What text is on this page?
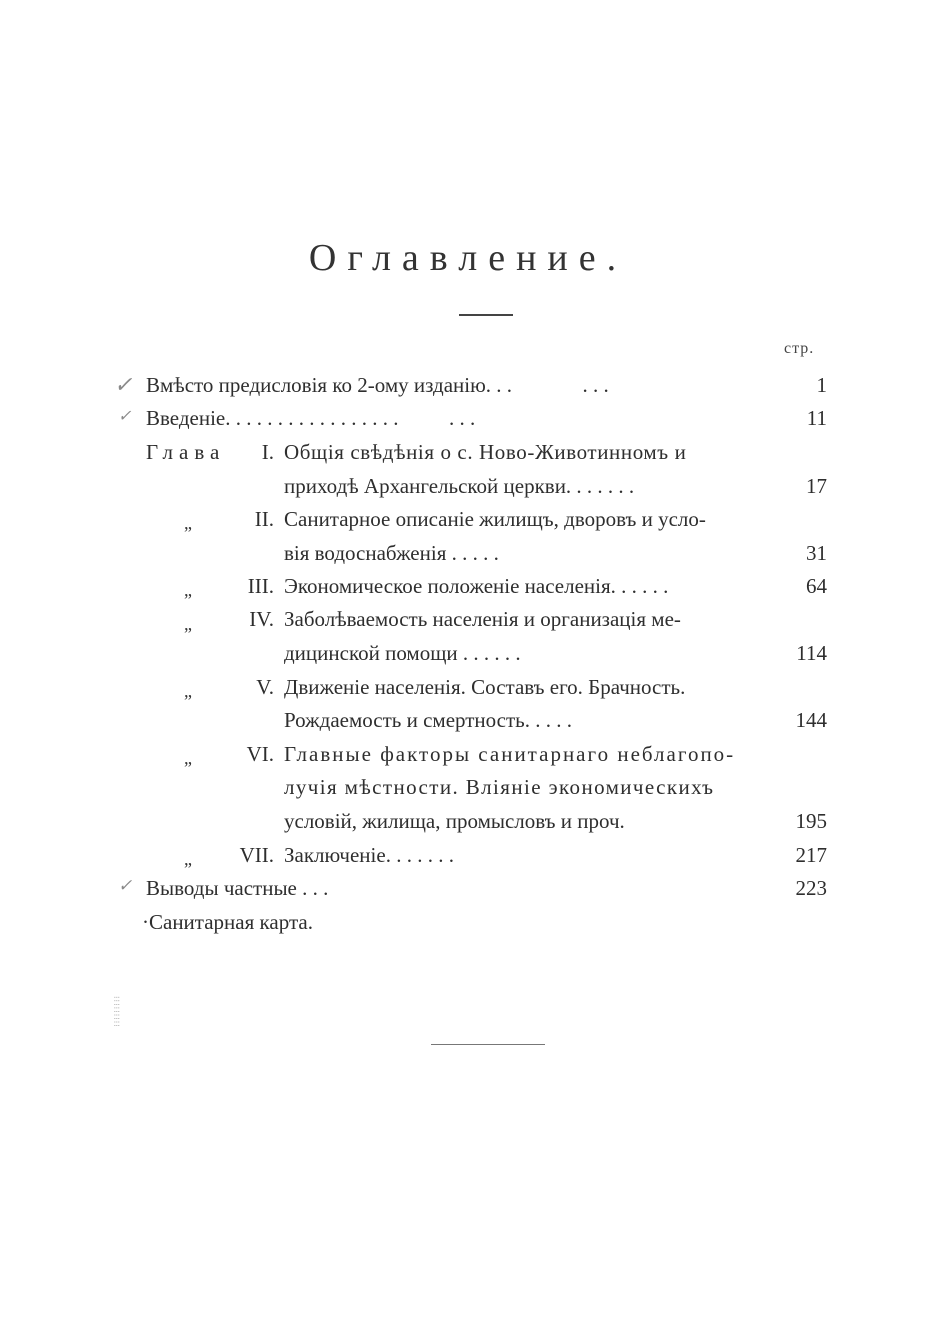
Оглавлениe.
стр.
✓ Вмѣсто предисловія ко 2-ому изданію. . .	. . .	1
✓ Введеніе. . . . . . . . . . . . . . . . . . . .	11
Глава	I. Общія свѣдѣнія о с. Ново-Животинномъ и
приходѣ Архангельской церкви. . . . . . .	17
„	II. Санитарное описаніе жилищъ, дворовъ и усло-
вія водоснабженія . . . . .	31
„	III. Экономическое положеніе населенія. . . . . .	64
„	IV. Заболѣваемость населенія и организація ме-
дицинской помощи . . . . . .	114
„	V. Движеніе населенія. Составъ его. Брачность.
Рождаемость и смертность. . . . .	144
„	VI. Главные факторы санитарнаго неблагопо-
лучія мѣстности. Вліяніе экономическихъ
условій, жилища, промысловъ и проч.	195
„	VII. Заключеніе. . . . . . .	217
✓ Выводы частные . . .	223
·Санитарная карта.
⁝⁝⁝⁝⁝⁝⁝⁝⁝
